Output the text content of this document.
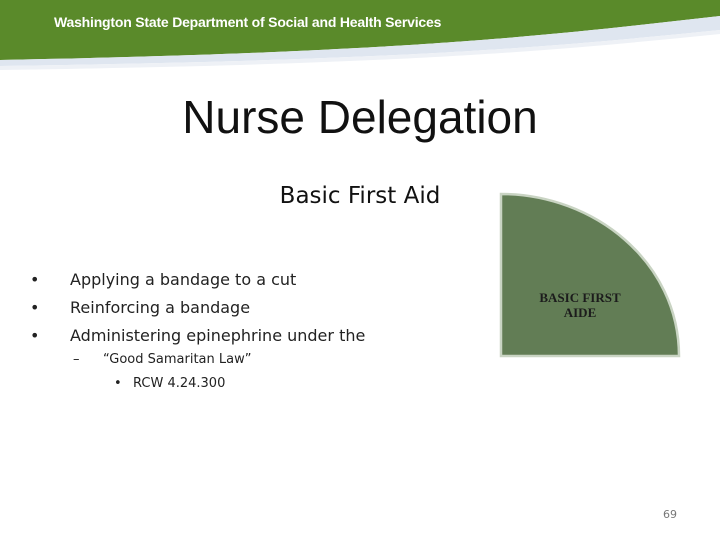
Washington State Department of Social and Health Services
Nurse Delegation
Basic First Aid
• Applying a bandage to a cut
• Reinforcing a bandage
• Administering epinephrine under the
– “Good Samaritan Law”
• RCW 4.24.300
BASIC FIRST
AIDE
69
